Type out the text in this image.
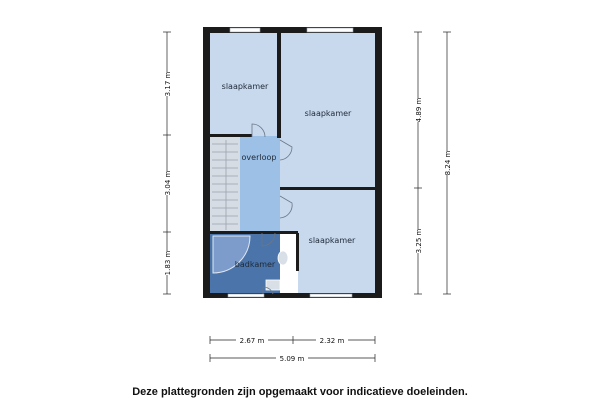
slaapkamer
slaapkamer
slaapkamer
overloop
badkamer
3.17 m
3.04 m
1.83 m
4.89 m
3.25 m
8.24 m
2.67 m	2.32 m
5.09 m
Deze plattegronden zijn opgemaakt voor indicatieve doeleinden.
